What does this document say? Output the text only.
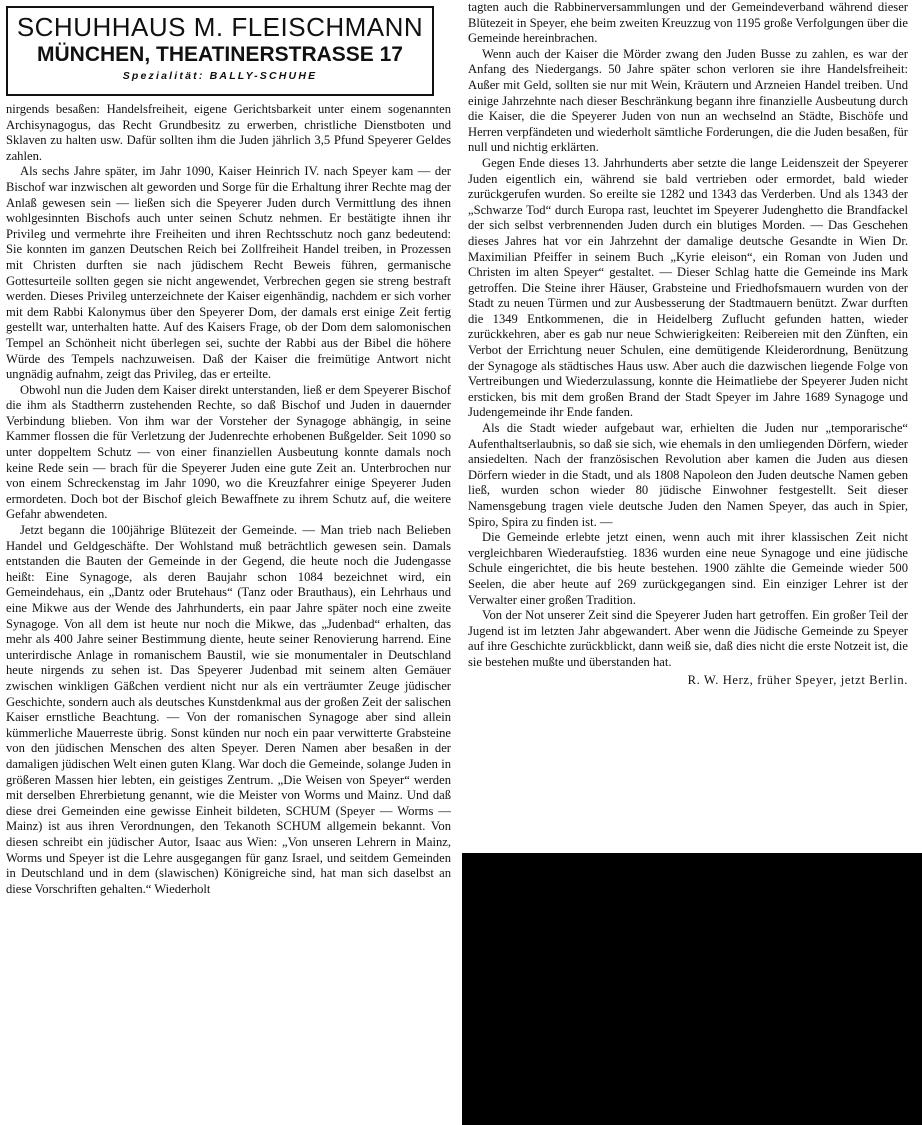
SCHUHHAUS M. FLEISCHMANN
MÜNCHEN, THEATINERSTRASSE 17
Spezialität: BALLY-SCHUHE

nirgends besaßen: Handelsfreiheit, eigene Gerichtsbarkeit unter einem sogenannten Archisynagogus, das Recht Grundbesitz zu erwerben, christliche Dienstboten und Sklaven zu halten usw. Dafür sollten ihm die Juden jährlich 3,5 Pfund Speyerer Geldes zahlen.

Als sechs Jahre später, im Jahr 1090, Kaiser Heinrich IV. nach Speyer kam — der Bischof war inzwischen alt geworden und Sorge für die Erhaltung ihrer Rechte mag der Anlaß gewesen sein — ließen sich die Speyerer Juden durch Vermittlung des ihnen wohlgesinnten Bischofs auch unter seinen Schutz nehmen. Er bestätigte ihnen ihr Privileg und vermehrte ihre Freiheiten und ihren Rechtsschutz noch ganz bedeutend: Sie konnten im ganzen Deutschen Reich bei Zollfreiheit Handel treiben, in Prozessen mit Christen durften sie nach jüdischem Recht Beweis führen, germanische Gottesurteile sollten gegen sie nicht angewendet, Verbrechen gegen sie streng bestraft werden. Dieses Privileg unterzeichnete der Kaiser eigenhändig, nachdem er sich vorher mit dem Rabbi Kalonymus über den Speyerer Dom, der damals erst einige Zeit fertig gestellt war, unterhalten hatte. Auf des Kaisers Frage, ob der Dom dem salomonischen Tempel an Schönheit nicht überlegen sei, suchte der Rabbi aus der Bibel die höhere Würde des Tempels nachzuweisen. Daß der Kaiser die freimütige Antwort nicht ungnädig aufnahm, zeigt das Privileg, das er erteilte.

Obwohl nun die Juden dem Kaiser direkt unterstanden, ließ er dem Speyerer Bischof die ihm als Stadtherrn zustehenden Rechte, so daß Bischof und Juden in dauernder Verbindung blieben. Von ihm war der Vorsteher der Synagoge abhängig, in seine Kammer flossen die für Verletzung der Judenrechte erhobenen Bußgelder. Seit 1090 so unter doppeltem Schutz — von einer finanziellen Ausbeutung konnte damals noch keine Rede sein — brach für die Speyerer Juden eine gute Zeit an. Unterbrochen nur von einem Schreckenstag im Jahr 1090, wo die Kreuzfahrer einige Speyerer Juden ermordeten. Doch bot der Bischof gleich Bewaffnete zu ihrem Schutz auf, die weitere Gefahr abwendeten.

Jetzt begann die 100jährige Blütezeit der Gemeinde. — Man trieb nach Belieben Handel und Geldgeschäfte. Der Wohlstand muß beträchtlich gewesen sein. Damals entstanden die Bauten der Gemeinde in der Gegend, die heute noch die Judengasse heißt: Eine Synagoge, als deren Baujahr schon 1084 bezeichnet wird, ein Gemeindehaus, ein „Dantz oder Brutehaus“ (Tanz oder Brauthaus), ein Lehrhaus und eine Mikwe aus der Wende des Jahrhunderts, ein paar Jahre später noch eine zweite Synagoge. Von all dem ist heute nur noch die Mikwe, das „Judenbad“ erhalten, das mehr als 400 Jahre seiner Bestimmung diente, heute seiner Renovierung harrend. Eine unterirdische Anlage in romanischem Baustil, wie sie monumentaler in Deutschland heute nirgends zu sehen ist. Das Speyerer Judenbad mit seinem alten Gemäuer zwischen winkligen Gäßchen verdient nicht nur als ein verträumter Zeuge jüdischer Geschichte, sondern auch als deutsches Kunstdenkmal aus der großen Zeit der salischen Kaiser ernstliche Beachtung. — Von der romanischen Synagoge aber sind allein kümmerliche Mauerreste übrig. Sonst künden nur noch ein paar verwitterte Grabsteine von den jüdischen Menschen des alten Speyer. Deren Namen aber besaßen in der damaligen jüdischen Welt einen guten Klang. War doch die Gemeinde, solange Juden in größeren Massen hier lebten, ein geistiges Zentrum. „Die Weisen von Speyer“ werden mit derselben Ehrerbietung genannt, wie die Meister von Worms und Mainz. Und daß diese drei Gemeinden eine gewisse Einheit bildeten, SCHUM (Speyer — Worms — Mainz) ist aus ihren Verordnungen, den Tekanoth SCHUM allgemein bekannt. Von diesen schreibt ein jüdischer Autor, Isaac aus Wien: „Von unseren Lehrern in Mainz, Worms und Speyer ist die Lehre ausgegangen für ganz Israel, und seitdem Gemeinden in Deutschland und in dem (slawischen) Königreiche sind, hat man sich daselbst an diese Vorschriften gehalten.“ Wiederholt

tagten auch die Rabbinerversammlungen und der Gemeindeverband während dieser Blütezeit in Speyer, ehe beim zweiten Kreuzzug von 1195 große Verfolgungen über die Gemeinde hereinbrachen.

Wenn auch der Kaiser die Mörder zwang den Juden Busse zu zahlen, es war der Anfang des Niedergangs. 50 Jahre später schon verloren sie ihre Handelsfreiheit: Außer mit Geld, sollten sie nur mit Wein, Kräutern und Arzneien Handel treiben. Und einige Jahrzehnte nach dieser Beschränkung begann ihre finanzielle Ausbeutung durch die Kaiser, die die Speyerer Juden von nun an wechselnd an Städte, Bischöfe und Herren verpfändeten und wiederholt sämtliche Forderungen, die die Juden besaßen, für null und nichtig erklärten.

Gegen Ende dieses 13. Jahrhunderts aber setzte die lange Leidenszeit der Speyerer Juden eigentlich ein, während sie bald vertrieben oder ermordet, bald wieder zurückgerufen wurden. So ereilte sie 1282 und 1343 das Verderben. Und als 1343 der „Schwarze Tod“ durch Europa rast, leuchtet im Speyerer Judenghetto die Brandfackel der sich selbst verbrennenden Juden durch ein blutiges Morden. — Das Geschehen dieses Jahres hat vor ein Jahrzehnt der damalige deutsche Gesandte in Wien Dr. Maximilian Pfeiffer in seinem Buch „Kyrie eleison“, ein Roman von Juden und Christen im alten Speyer“ gestaltet. — Dieser Schlag hatte die Gemeinde ins Mark getroffen. Die Steine ihrer Häuser, Grabsteine und Friedhofsmauern wurden von der Stadt zu neuen Türmen und zur Ausbesserung der Stadtmauern benützt. Zwar durften die 1349 Entkommenen, die in Heidelberg Zuflucht gefunden hatten, wieder zurückkehren, aber es gab nur neue Schwierigkeiten: Reibereien mit den Zünften, ein Verbot der Errichtung neuer Schulen, eine demütigende Kleiderordnung, Benützung der Synagoge als städtisches Haus usw. Aber auch die dazwischen liegende Folge von Vertreibungen und Wiederzulassung, konnte die Heimatliebe der Speyerer Juden nicht ersticken, bis mit dem großen Brand der Stadt Speyer im Jahre 1689 Synagoge und Judengemeinde ihr Ende fanden.

Als die Stadt wieder aufgebaut war, erhielten die Juden nur „temporarische“ Aufenthaltserlaubnis, so daß sie sich, wie ehemals in den umliegenden Dörfern, wieder ansiedelten. Nach der französischen Revolution aber kamen die Juden aus diesen Dörfern wieder in die Stadt, und als 1808 Napoleon den Juden deutsche Namen geben ließ, wurden schon wieder 80 jüdische Einwohner festgestellt. Seit dieser Namensgebung tragen viele deutsche Juden den Namen Speyer, das auch in Spier, Spiro, Spira zu finden ist. —

Die Gemeinde erlebte jetzt einen, wenn auch mit ihrer klassischen Zeit nicht vergleichbaren Wiederaufstieg. 1836 wurden eine neue Synagoge und eine jüdische Schule eingerichtet, die bis heute bestehen. 1900 zählte die Gemeinde wieder 500 Seelen, die aber heute auf 269 zurückgegangen sind. Ein einziger Lehrer ist der Verwalter einer großen Tradition.

Von der Not unserer Zeit sind die Speyerer Juden hart getroffen. Ein großer Teil der Jugend ist im letzten Jahr abgewandert. Aber wenn die Jüdische Gemeinde zu Speyer auf ihre Geschichte zurückblickt, dann weiß sie, daß dies nicht die erste Notzeit ist, die sie bestehen mußte und überstanden hat.

R. W. Herz, früher Speyer, jetzt Berlin.
